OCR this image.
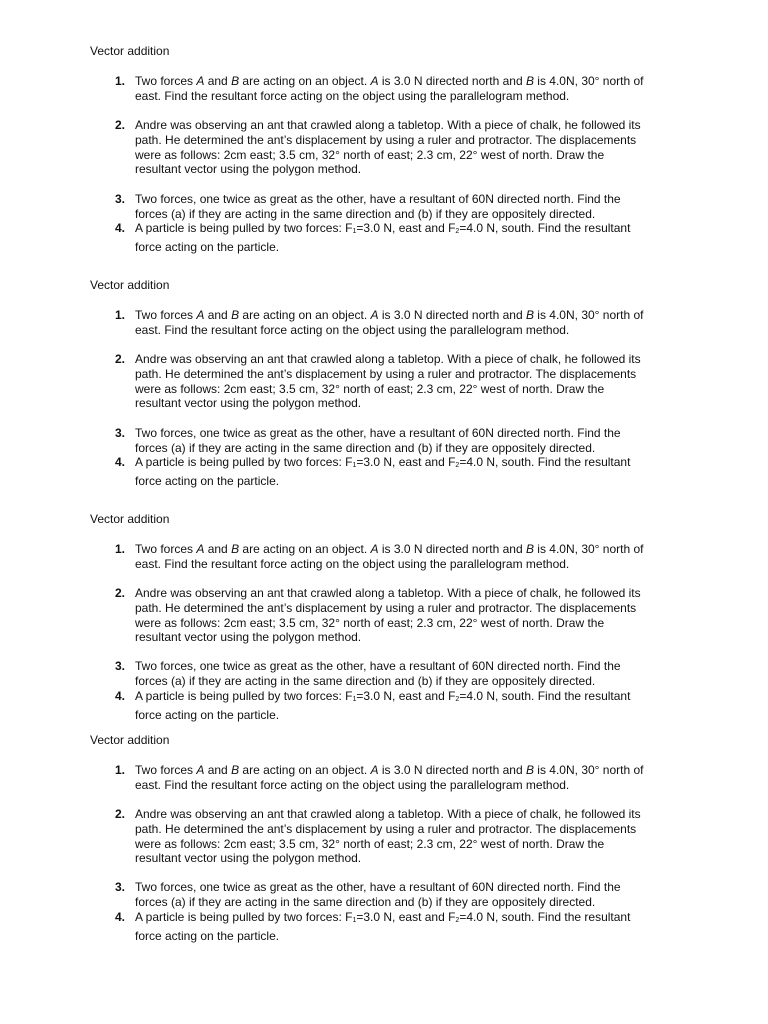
Vector addition
1. Two forces A and B are acting on an object. A is 3.0 N directed north and B is 4.0N, 30° north of
east. Find the resultant force acting on the object using the parallelogram method.
2. Andre was observing an ant that crawled along a tabletop. With a piece of chalk, he followed its
path. He determined the ant’s displacement by using a ruler and protractor. The displacements
were as follows: 2cm east; 3.5 cm, 32° north of east; 2.3 cm, 22° west of north. Draw the
resultant vector using the polygon method.
3. Two forces, one twice as great as the other, have a resultant of 60N directed north. Find the
forces (a) if they are acting in the same direction and (b) if they are oppositely directed.
4. A particle is being pulled by two forces: F1=3.0 N, east and F2=4.0 N, south. Find the resultant
force acting on the particle.
Vector addition
1. Two forces A and B are acting on an object. A is 3.0 N directed north and B is 4.0N, 30° north of
east. Find the resultant force acting on the object using the parallelogram method.
2. Andre was observing an ant that crawled along a tabletop. With a piece of chalk, he followed its
path. He determined the ant’s displacement by using a ruler and protractor. The displacements
were as follows: 2cm east; 3.5 cm, 32° north of east; 2.3 cm, 22° west of north. Draw the
resultant vector using the polygon method.
3. Two forces, one twice as great as the other, have a resultant of 60N directed north. Find the
forces (a) if they are acting in the same direction and (b) if they are oppositely directed.
4. A particle is being pulled by two forces: F1=3.0 N, east and F2=4.0 N, south. Find the resultant
force acting on the particle.
Vector addition
1. Two forces A and B are acting on an object. A is 3.0 N directed north and B is 4.0N, 30° north of
east. Find the resultant force acting on the object using the parallelogram method.
2. Andre was observing an ant that crawled along a tabletop. With a piece of chalk, he followed its
path. He determined the ant’s displacement by using a ruler and protractor. The displacements
were as follows: 2cm east; 3.5 cm, 32° north of east; 2.3 cm, 22° west of north. Draw the
resultant vector using the polygon method.
3. Two forces, one twice as great as the other, have a resultant of 60N directed north. Find the
forces (a) if they are acting in the same direction and (b) if they are oppositely directed.
4. A particle is being pulled by two forces: F1=3.0 N, east and F2=4.0 N, south. Find the resultant
force acting on the particle.
Vector addition
1. Two forces A and B are acting on an object. A is 3.0 N directed north and B is 4.0N, 30° north of
east. Find the resultant force acting on the object using the parallelogram method.
2. Andre was observing an ant that crawled along a tabletop. With a piece of chalk, he followed its
path. He determined the ant’s displacement by using a ruler and protractor. The displacements
were as follows: 2cm east; 3.5 cm, 32° north of east; 2.3 cm, 22° west of north. Draw the
resultant vector using the polygon method.
3. Two forces, one twice as great as the other, have a resultant of 60N directed north. Find the
forces (a) if they are acting in the same direction and (b) if they are oppositely directed.
4. A particle is being pulled by two forces: F1=3.0 N, east and F2=4.0 N, south. Find the resultant
force acting on the particle.
